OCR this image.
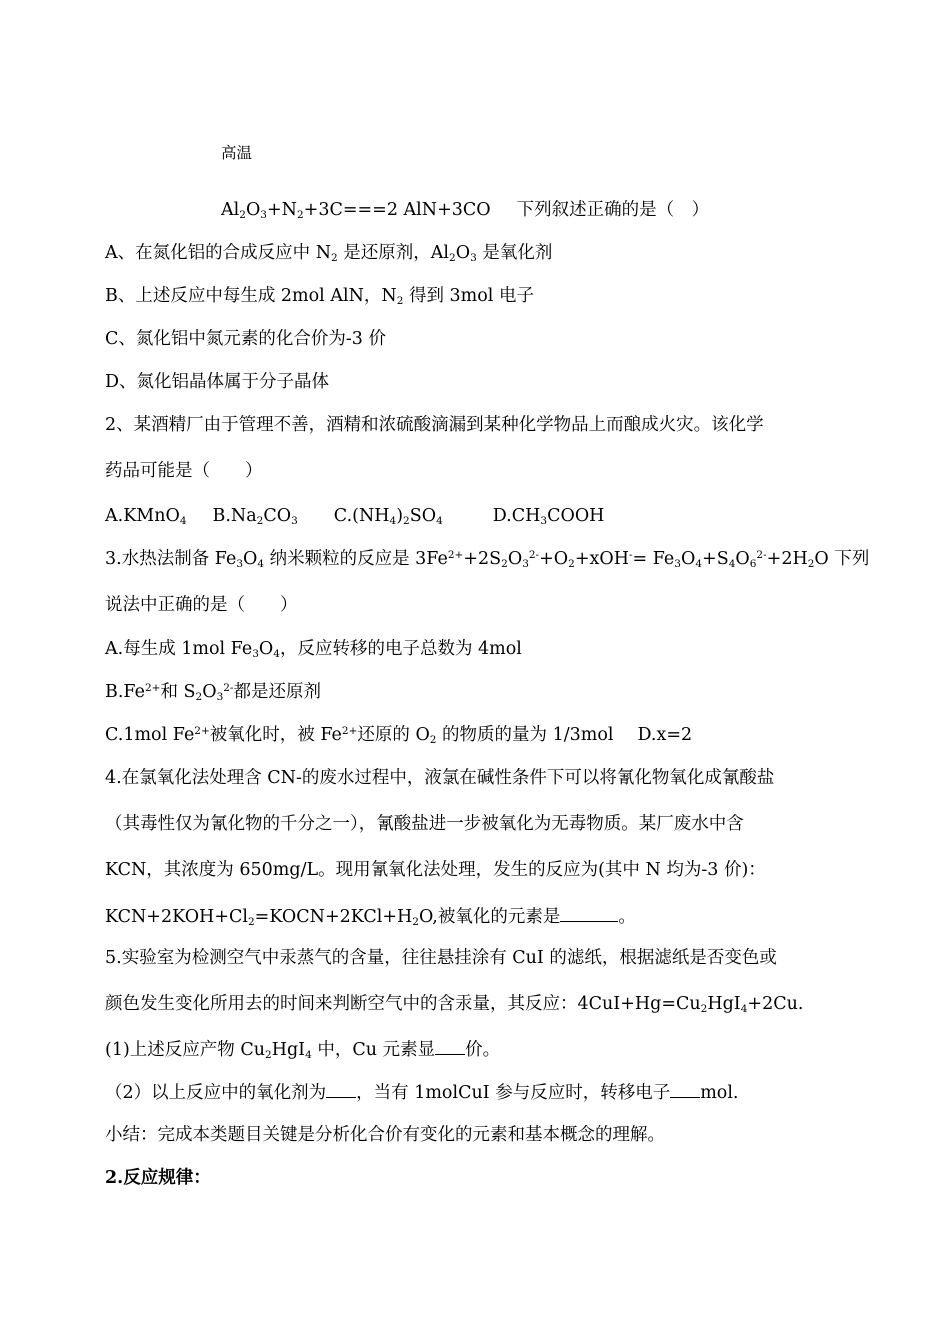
高温
$Al_2O_3+N_2+3C===2$ AlN+3CO 下列叙述正确的是（　）
A、在氮化铝的合成反应中 $N_2$ 是还原剂，$Al_2O_3$ 是氧化剂
B、上述反应中每生成 2mol AlN，$N_2$ 得到 3mol 电子
C、氮化铝中氮元素的化合价为-3 价
D、氮化铝晶体属于分子晶体
2、某酒精厂由于管理不善，酒精和浓硫酸滴漏到某种化学物品上而酿成火灾。该化学
药品可能是（　　）
A.KMnO$_4$ $B.Na_2CO_3$ $C.(NH_4)_2SO_4$	$D.CH_3COOH$
3.水热法制备 $Fe_3O_4$ 纳米颗粒的反应是 $3Fe^{2+}+2S_2O_3^{2-}+O_2+xOH^-= Fe_3O_4+S_4O_6^{2-}+2H_2O$ 下列
说法中正确的是（　　）
A.每生成 1mol $Fe_3O_4$，反应转移的电子总数为 4mol
$B.Fe^{2+}$和 $S_2O_3^{2-}$都是还原剂
C.1mol $Fe^{2+}$被氧化时，被 $Fe^{2+}$还原的 $O_2$ 的物质的量为 1/3mol D.x=2
4.在氯氧化法处理含 CN-的废水过程中，液氯在碱性条件下可以将氰化物氧化成氰酸盐
（其毒性仅为氰化物的千分之一），氰酸盐进一步被氧化为无毒物质。某厂废水中含
KCN，其浓度为 650mg/L。现用氰氧化法处理，发生的反应为(其中 N 均为-3 价)：
$KCN+2KOH+Cl_2=KOCN+2KCl+H_2O$,被氧化的元素是	。
5.实验室为检测空气中汞蒸气的含量，往往悬挂涂有 CuI 的滤纸，根据滤纸是否变色或
颜色发生变化所用去的时间来判断空气中的含汞量，其反应：$4CuI+Hg=Cu_2HgI_4+2Cu$.
(1)上述反应产物 $Cu_2HgI_4$ 中，Cu 元素显 价。
（2）以上反应中的氧化剂为 ，当有 1molCuI 参与反应时，转移电子 mol.
小结：完成本类题目关键是分析化合价有变化的元素和基本概念的理解。
2.反应规律：
